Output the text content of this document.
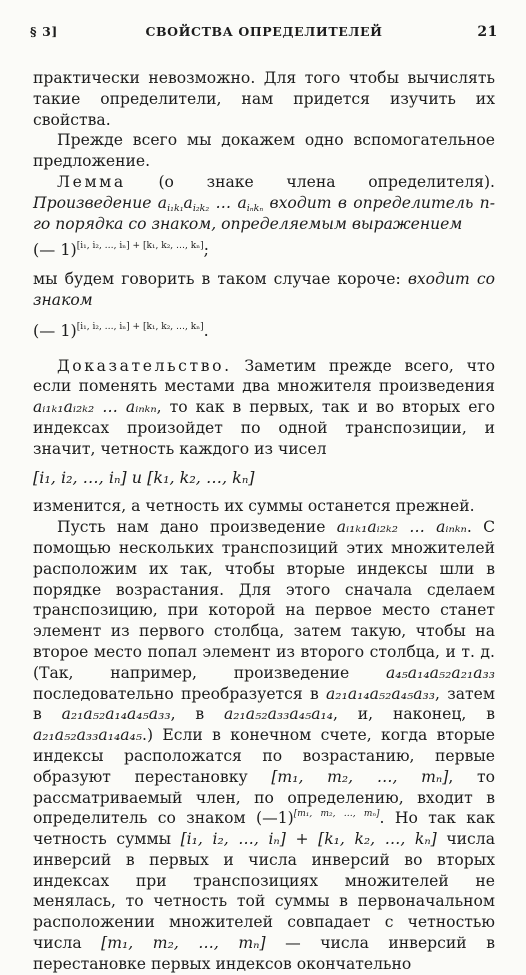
§ 3]	СВОЙСТВА ОПРЕДЕЛИТЕЛЕЙ	21

практически невозможно. Для того чтобы вычислять такие определители, нам придется изучить их свойства.

Прежде всего мы докажем одно вспомогательное предложение.

Лемма (о знаке члена определителя). Произведение $a_{i_1k_1}a_{i_2k_2}$ … $a_{i_nk_n}$ входит в определитель n-го порядка со знаком, определяемым выражением

(— 1)[i₁, i₂, …, iₙ] + [k₁, k₂, …, kₙ];

мы будем говорить в таком случае короче: входит со знаком

(— 1)[i₁, i₂, …, iₙ] + [k₁, k₂, …, kₙ].

Доказательство. Заметим прежде всего, что если поменять местами два множителя произведения aᵢ₁ₖ₁aᵢ₂ₖ₂ … aᵢₙₖₙ, то как в первых, так и во вторых его индексах произойдет по одной транспозиции, и значит, четность каждого из чисел

[i₁, i₂, …, iₙ] и [k₁, k₂, …, kₙ]

изменится, а четность их суммы останется прежней.

Пусть нам дано произведение aᵢ₁ₖ₁aᵢ₂ₖ₂ … aᵢₙₖₙ. С помощью нескольких транспозиций этих множителей расположим их так, чтобы вторые индексы шли в порядке возрастания. Для этого сначала сделаем транспозицию, при которой на первое место станет элемент из первого столбца, затем такую, чтобы на второе место попал элемент из второго столбца, и т. д. (Так, например, произведение a₄₅a₁₄a₅₂a₂₁a₃₃ последовательно преобразуется в a₂₁a₁₄a₅₂a₄₅a₃₃, затем в a₂₁a₅₂a₁₄a₄₅a₃₃, в a₂₁a₅₂a₃₃a₄₅a₁₄, и, наконец, в a₂₁a₅₂a₃₃a₁₄a₄₅.) Если в конечном счете, когда вторые индексы расположатся по возрастанию, первые образуют перестановку [m₁, m₂, …, mₙ], то рассматриваемый член, по определению, входит в определитель со знаком (—1)[m₁, m₂, …, mₙ]. Но так как четность суммы [i₁, i₂, …, iₙ] + [k₁, k₂, …, kₙ] числа инверсий в первых и числа инверсий во вторых индексах при транспозициях множителей не менялась, то четность той суммы в первоначальном расположении множителей совпадает с четностью числа [m₁, m₂, …, mₙ] — числа инверсий в перестановке первых индексов окончательно
